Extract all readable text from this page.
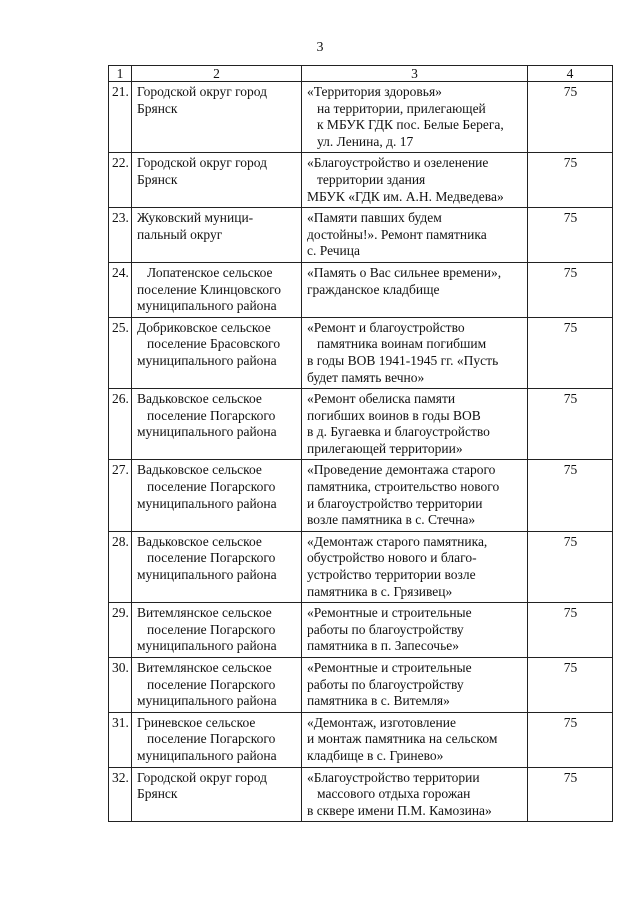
3
1	2	3	4
21.	Городской округ город
Брянск	«Территория здоровья»
на территории, прилегающей
к МБУК ГДК пос. Белые Берега,
ул. Ленина, д. 17	75
22.	Городской округ город
Брянск	«Благоустройство и озеленение
территории здания
МБУК «ГДК им. А.Н. Медведева»	75
23.	Жуковский муници-
пальный округ	«Памяти павших будем
достойны!». Ремонт памятника
с. Речица	75
24.	Лопатенское сельское
поселение Клинцовского
муниципального района	«Память о Вас сильнее времени»,
гражданское кладбище	75
25.	Добриковское сельское
поселение Брасовского
муниципального района	«Ремонт и благоустройство
памятника воинам погибшим
в годы ВОВ 1941-1945 гг. «Пусть
будет память вечно»	75
26.	Вадьковское сельское
поселение Погарского
муниципального района	«Ремонт обелиска памяти
погибших воинов в годы ВОВ
в д. Бугаевка и благоустройство
прилегающей территории»	75
27.	Вадьковское сельское
поселение Погарского
муниципального района	«Проведение демонтажа старого
памятника, строительство нового
и благоустройство территории
возле памятника в с. Стечна»	75
28.	Вадьковское сельское
поселение Погарского
муниципального района	«Демонтаж старого памятника,
обустройство нового и благо-
устройство территории возле
памятника в с. Грязивец»	75
29.	Витемлянское сельское
поселение Погарского
муниципального района	«Ремонтные и строительные
работы по благоустройству
памятника в п. Запесочье»	75
30.	Витемлянское сельское
поселение Погарского
муниципального района	«Ремонтные и строительные
работы по благоустройству
памятника в с. Витемля»	75
31.	Гриневское сельское
поселение Погарского
муниципального района	«Демонтаж, изготовление
и монтаж памятника на сельском
кладбище в с. Гринево»	75
32.	Городской округ город
Брянск	«Благоустройство территории
массового отдыха горожан
в сквере имени П.М. Камозина»	75
